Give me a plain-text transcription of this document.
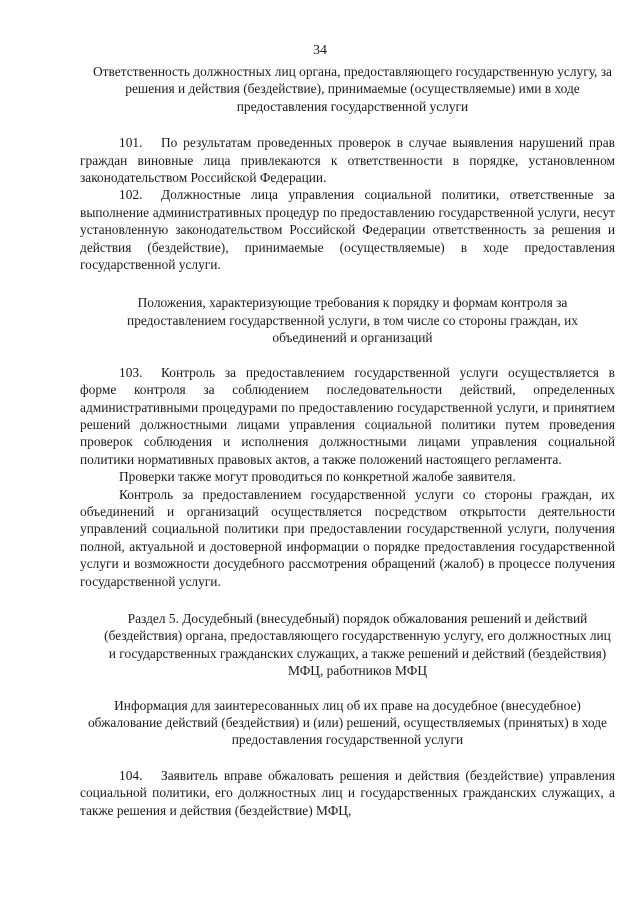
34

Ответственность должностных лиц органа, предоставляющего государственную услугу, за решения и действия (бездействие), принимаемые (осуществляемые) ими в ходе предоставления государственной услуги

101. По результатам проведенных проверок в случае выявления нарушений прав граждан виновные лица привлекаются к ответственности в порядке, установленном законодательством Российской Федерации.

102. Должностные лица управления социальной политики, ответственные за выполнение административных процедур по предоставлению государственной услуги, несут установленную законодательством Российской Федерации ответственность за решения и действия (бездействие), принимаемые (осуществляемые) в ходе предоставления государственной услуги.

Положения, характеризующие требования к порядку и формам контроля за предоставлением государственной услуги, в том числе со стороны граждан, их объединений и организаций

103. Контроль за предоставлением государственной услуги осуществляется в форме контроля за соблюдением последовательности действий, определенных административными процедурами по предоставлению государственной услуги, и принятием решений должностными лицами управления социальной политики путем проведения проверок соблюдения и исполнения должностными лицами управления социальной политики нормативных правовых актов, а также положений настоящего регламента.

Проверки также могут проводиться по конкретной жалобе заявителя.

Контроль за предоставлением государственной услуги со стороны граждан, их объединений и организаций осуществляется посредством открытости деятельности управлений социальной политики при предоставлении государственной услуги, получения полной, актуальной и достоверной информации о порядке предоставления государственной услуги и возможности досудебного рассмотрения обращений (жалоб) в процессе получения государственной услуги.

Раздел 5. Досудебный (внесудебный) порядок обжалования решений и действий (бездействия) органа, предоставляющего государственную услугу, его должностных лиц и государственных гражданских служащих, а также решений и действий (бездействия) МФЦ, работников МФЦ

Информация для заинтересованных лиц об их праве на досудебное (внесудебное) обжалование действий (бездействия) и (или) решений, осуществляемых (принятых) в ходе предоставления государственной услуги

104. Заявитель вправе обжаловать решения и действия (бездействие) управления социальной политики, его должностных лиц и государственных гражданских служащих, а также решения и действия (бездействие) МФЦ,
